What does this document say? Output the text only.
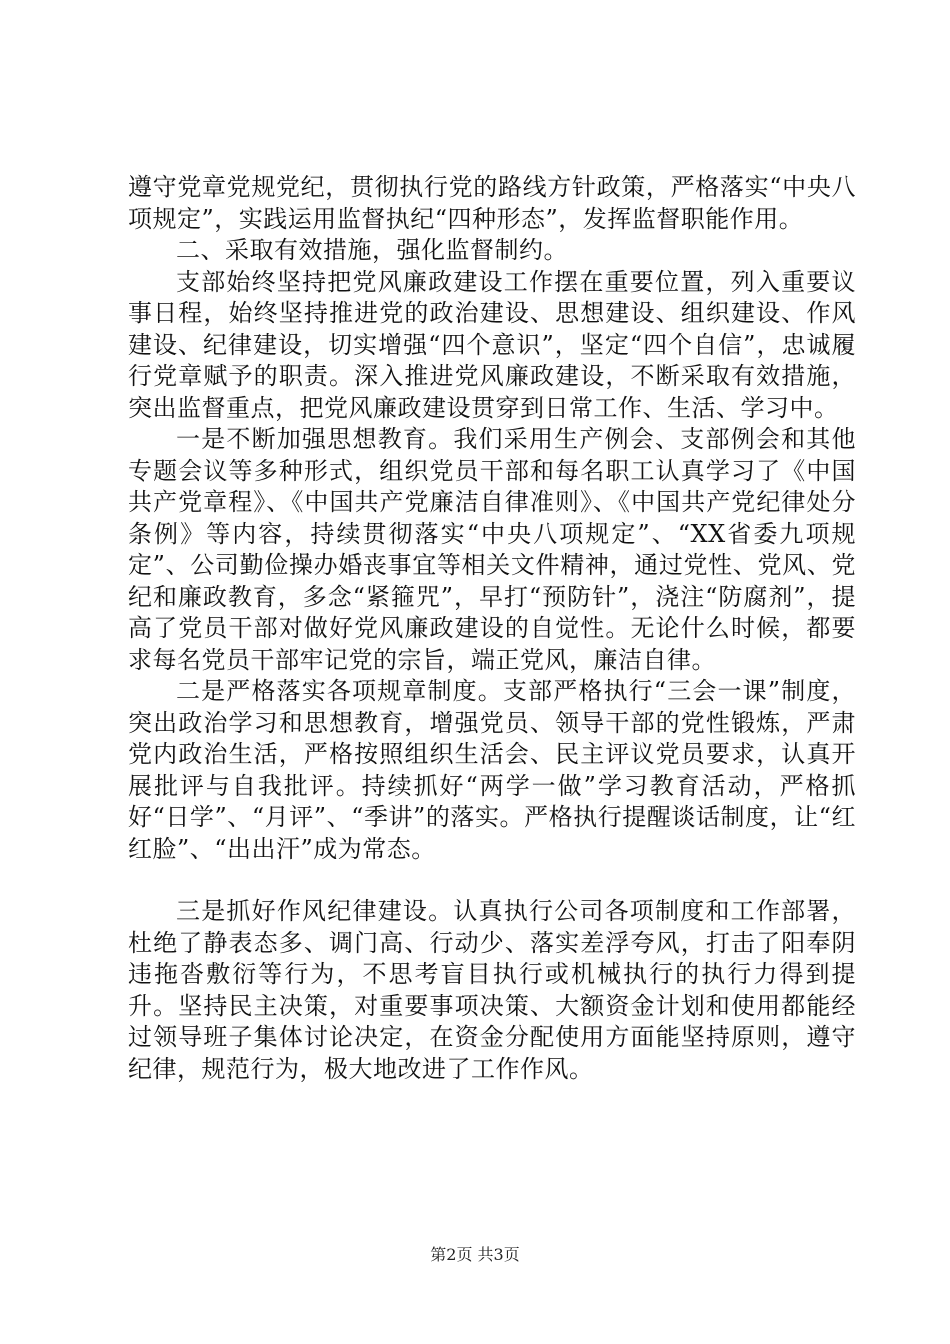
遵守党章党规党纪，贯彻执行党的路线方针政策，严格落实“中央八项规定”，实践运用监督执纪“四种形态”，发挥监督职能作用。

二、采取有效措施，强化监督制约。

支部始终坚持把党风廉政建设工作摆在重要位置，列入重要议事日程，始终坚持推进党的政治建设、思想建设、组织建设、作风建设、纪律建设，切实增强“四个意识”，坚定“四个自信”，忠诚履行党章赋予的职责。深入推进党风廉政建设，不断采取有效措施，突出监督重点，把党风廉政建设贯穿到日常工作、生活、学习中。

一是不断加强思想教育。我们采用生产例会、支部例会和其他专题会议等多种形式，组织党员干部和每名职工认真学习了《中国共产党章程》、《中国共产党廉洁自律准则》、《中国共产党纪律处分条例》等内容，持续贯彻落实“中央八项规定”、“XX省委九项规定”、公司勤俭操办婚丧事宜等相关文件精神，通过党性、党风、党纪和廉政教育，多念“紧箍咒”，早打“预防针”，浇注“防腐剂”，提高了党员干部对做好党风廉政建设的自觉性。无论什么时候，都要求每名党员干部牢记党的宗旨，端正党风，廉洁自律。

二是严格落实各项规章制度。支部严格执行“三会一课”制度，突出政治学习和思想教育，增强党员、领导干部的党性锻炼，严肃党内政治生活，严格按照组织生活会、民主评议党员要求，认真开展批评与自我批评。持续抓好“两学一做”学习教育活动，严格抓好“日学”、“月评”、“季讲”的落实。严格执行提醒谈话制度，让“红红脸”、“出出汗”成为常态。

三是抓好作风纪律建设。认真执行公司各项制度和工作部署，杜绝了静表态多、调门高、行动少、落实差浮夸风，打击了阳奉阴违拖沓敷衍等行为，不思考盲目执行或机械执行的执行力得到提升。坚持民主决策，对重要事项决策、大额资金计划和使用都能经过领导班子集体讨论决定，在资金分配使用方面能坚持原则，遵守纪律，规范行为，极大地改进了工作作风。

第2页 共3页
